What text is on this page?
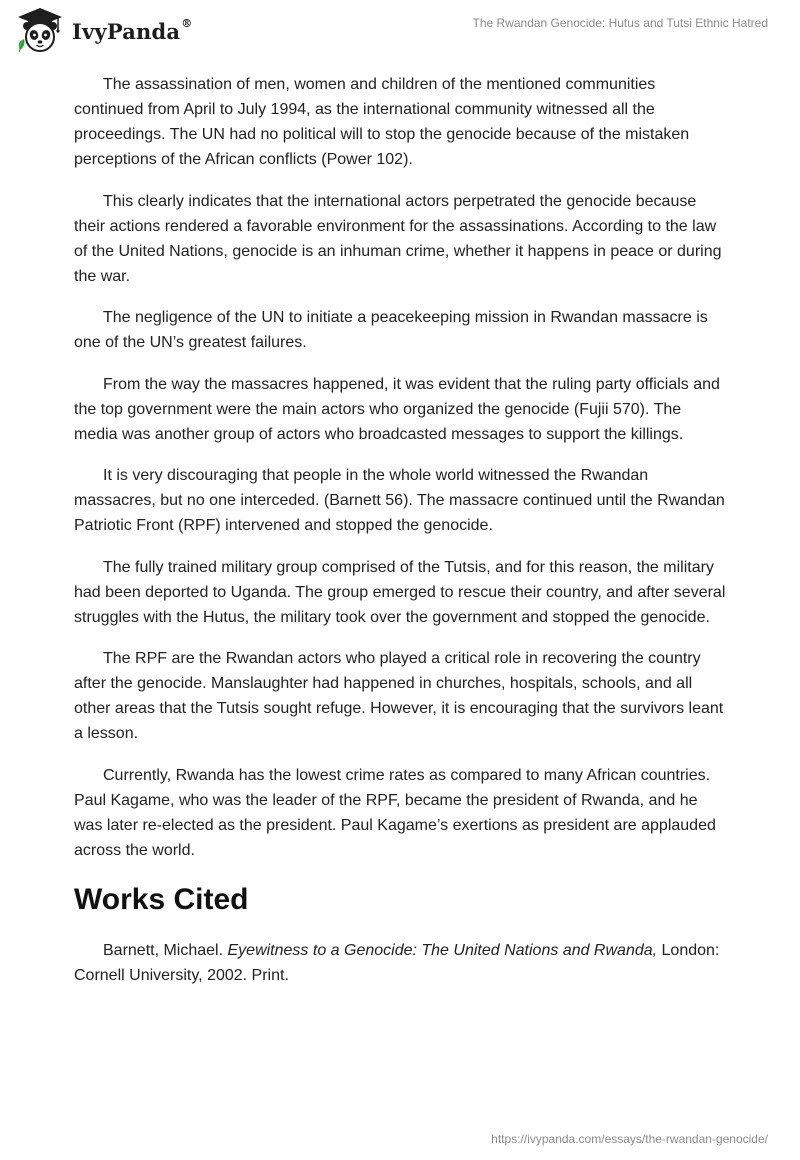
IvyPanda®	The Rwandan Genocide: Hutus and Tutsi Ethnic Hatred

The assassination of men, women and children of the mentioned communities continued from April to July 1994, as the international community witnessed all the proceedings. The UN had no political will to stop the genocide because of the mistaken perceptions of the African conflicts (Power 102).

This clearly indicates that the international actors perpetrated the genocide because their actions rendered a favorable environment for the assassinations. According to the law of the United Nations, genocide is an inhuman crime, whether it happens in peace or during the war.

The negligence of the UN to initiate a peacekeeping mission in Rwandan massacre is one of the UN’s greatest failures.

From the way the massacres happened, it was evident that the ruling party officials and the top government were the main actors who organized the genocide (Fujii 570). The media was another group of actors who broadcasted messages to support the killings.

It is very discouraging that people in the whole world witnessed the Rwandan massacres, but no one interceded. (Barnett 56). The massacre continued until the Rwandan Patriotic Front (RPF) intervened and stopped the genocide.

The fully trained military group comprised of the Tutsis, and for this reason, the military had been deported to Uganda. The group emerged to rescue their country, and after several struggles with the Hutus, the military took over the government and stopped the genocide.

The RPF are the Rwandan actors who played a critical role in recovering the country after the genocide. Manslaughter had happened in churches, hospitals, schools, and all other areas that the Tutsis sought refuge. However, it is encouraging that the survivors leant a lesson.

Currently, Rwanda has the lowest crime rates as compared to many African countries. Paul Kagame, who was the leader of the RPF, became the president of Rwanda, and he was later re-elected as the president. Paul Kagame’s exertions as president are applauded across the world.

Works Cited

Barnett, Michael. Eyewitness to a Genocide: The United Nations and Rwanda, London: Cornell University, 2002. Print.

https://ivypanda.com/essays/the-rwandan-genocide/
